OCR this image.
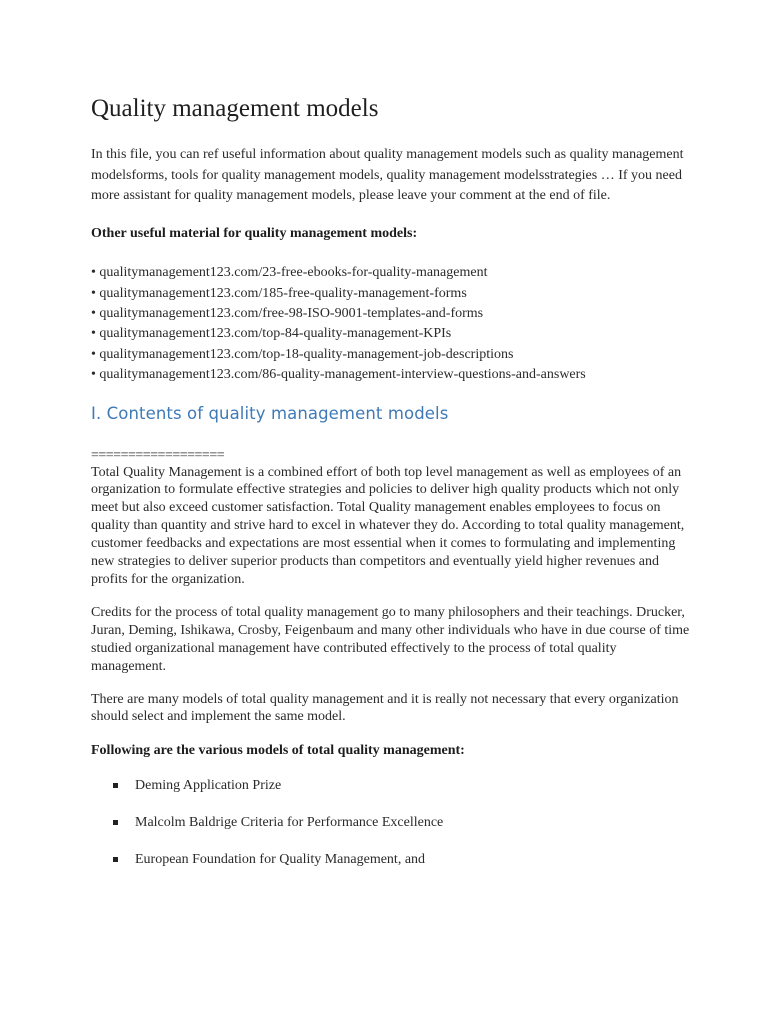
Quality management models

In this file, you can ref useful information about quality management models such as quality management modelsforms, tools for quality management models, quality management modelsstrategies … If you need more assistant for quality management models, please leave your comment at the end of file.

Other useful material for quality management models:

• qualitymanagement123.com/23-free-ebooks-for-quality-management
• qualitymanagement123.com/185-free-quality-management-forms
• qualitymanagement123.com/free-98-ISO-9001-templates-and-forms
• qualitymanagement123.com/top-84-quality-management-KPIs
• qualitymanagement123.com/top-18-quality-management-job-descriptions
• qualitymanagement123.com/86-quality-management-interview-questions-and-answers
I. Contents of quality management models
==================

Total Quality Management is a combined effort of both top level management as well as employees of an organization to formulate effective strategies and policies to deliver high quality products which not only meet but also exceed customer satisfaction. Total Quality management enables employees to focus on quality than quantity and strive hard to excel in whatever they do. According to total quality management, customer feedbacks and expectations are most essential when it comes to formulating and implementing new strategies to deliver superior products than competitors and eventually yield higher revenues and profits for the organization.

Credits for the process of total quality management go to many philosophers and their teachings. Drucker, Juran, Deming, Ishikawa, Crosby, Feigenbaum and many other individuals who have in due course of time studied organizational management have contributed effectively to the process of total quality management.

There are many models of total quality management and it is really not necessary that every organization should select and implement the same model.

Following are the various models of total quality management:

Deming Application Prize
Malcolm Baldrige Criteria for Performance Excellence
European Foundation for Quality Management, and
